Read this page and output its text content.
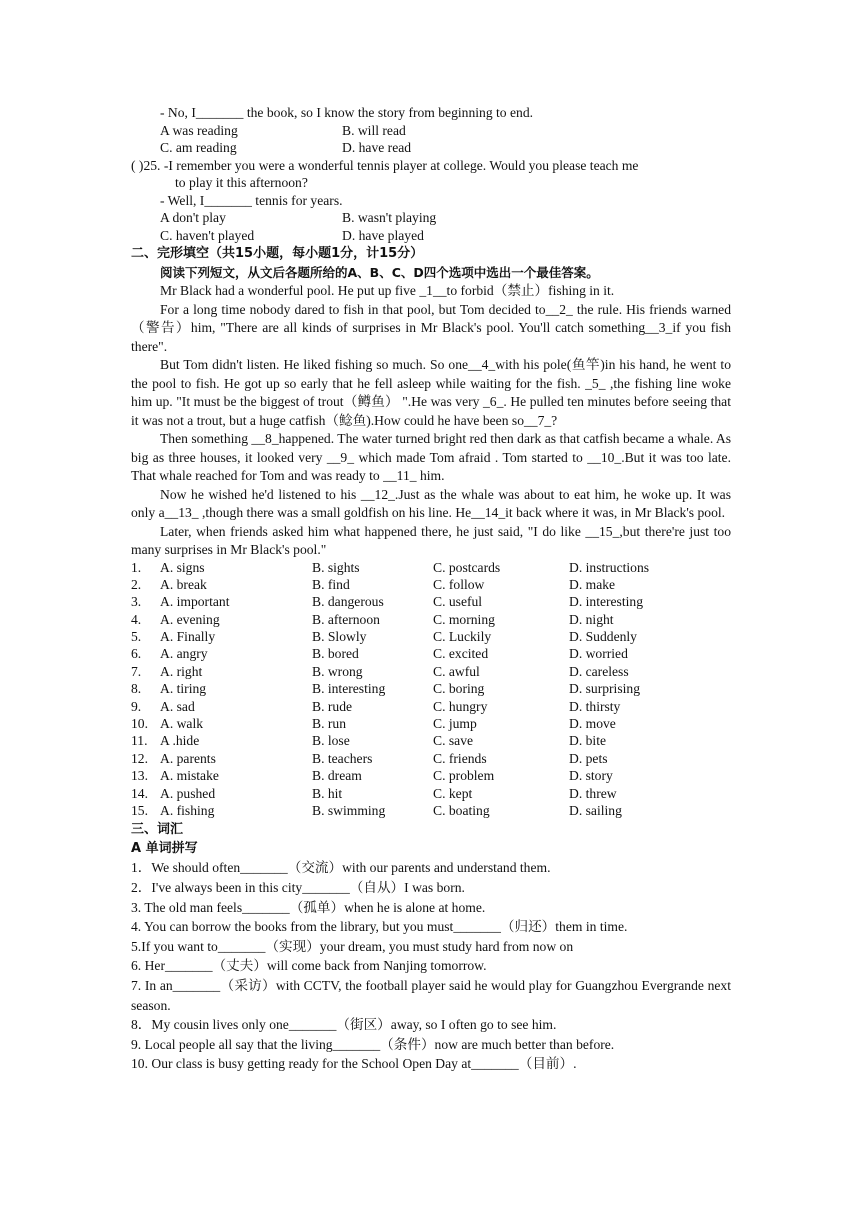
- No, I_______ the book, so I know the story from beginning to end.
A was reading	B. will read
C. am reading	D. have read
( )25. -I remember you were a wonderful tennis player at college. Would you please teach me
to play it this afternoon?
- Well, I_______ tennis for years.
A don't play	B. wasn't playing
C. haven't played	D. have played
二、完形填空（共15小题，每小题1分，计15分）
阅读下列短文，从文后各题所给的A、B、C、D四个选项中选出一个最佳答案。
Mr Black had a wonderful pool. He put up five _1__to forbid（禁止）fishing in it.
For a long time nobody dared to fish in that pool, but Tom decided to__2_ the rule. His friends warned（警告）him, "There are all kinds of surprises in Mr Black's pool. You'll catch something__3_if you fish there".
But Tom didn't listen. He liked fishing so much. So one__4_with his pole(鱼竿)in his hand, he went to the pool to fish. He got up so early that he fell asleep while waiting for the fish. _5_ ,the fishing line woke him up. "It must be the biggest of trout（鳟鱼） ".He was very _6_. He pulled ten minutes before seeing that it was not a trout, but a huge catfish（鲶鱼).How could he have been so__7_?
Then something __8_happened. The water turned bright red then dark as that catfish became a whale. As big as three houses, it looked very __9_ which made Tom afraid . Tom started to __10_.But it was too late. That whale reached for Tom and was ready to __11_ him.
Now he wished he'd listened to his __12_.Just as the whale was about to eat him, he woke up. It was only a__13_ ,though there was a small goldfish on his line. He__14_it back where it was, in Mr Black's pool.
Later, when friends asked him what happened there, he just said, "I do like __15_,but there're just too many surprises in Mr Black's pool."
1.	A. signs	B. sights	C. postcards	D. instructions
2.	A. break	B. find	C. follow	D. make
3.	A. important	B. dangerous	C. useful	D. interesting
4.	A. evening	B. afternoon	C. morning	D. night
5.	A. Finally	B. Slowly	C. Luckily	D. Suddenly
6.	A. angry	B. bored	C. excited	D. worried
7.	A. right	B. wrong	C. awful	D. careless
8.	A. tiring	B. interesting	C. boring	D. surprising
9.	A. sad	B. rude	C. hungry	D. thirsty
10.	A. walk	B. run	C. jump	D. move
11.	A .hide	B. lose	C. save	D. bite
12.	A. parents	B. teachers	C. friends	D. pets
13.	A. mistake	B. dream	C. problem	D. story
14.	A. pushed	B. hit	C. kept	D. threw
15.	A. fishing	B. swimming	C. boating	D. sailing
三、词汇
A 单词拼写
1．We should often_______（交流）with our parents and understand them.
2．I've always been in this city_______（自从）I was born.
3. The old man feels_______（孤单）when he is alone at home.
4. You can borrow the books from the library, but you must_______（归还）them in time.
5.If you want to_______（实现）your dream, you must study hard from now on
6. Her_______（丈夫）will come back from Nanjing tomorrow.
7. In an_______（采访）with CCTV, the football player said he would play for Guangzhou Evergrande next season.
8．My cousin lives only one_______（街区）away, so I often go to see him.
9. Local people all say that the living_______（条件）now are much better than before.
10. Our class is busy getting ready for the School Open Day at_______（目前）.
